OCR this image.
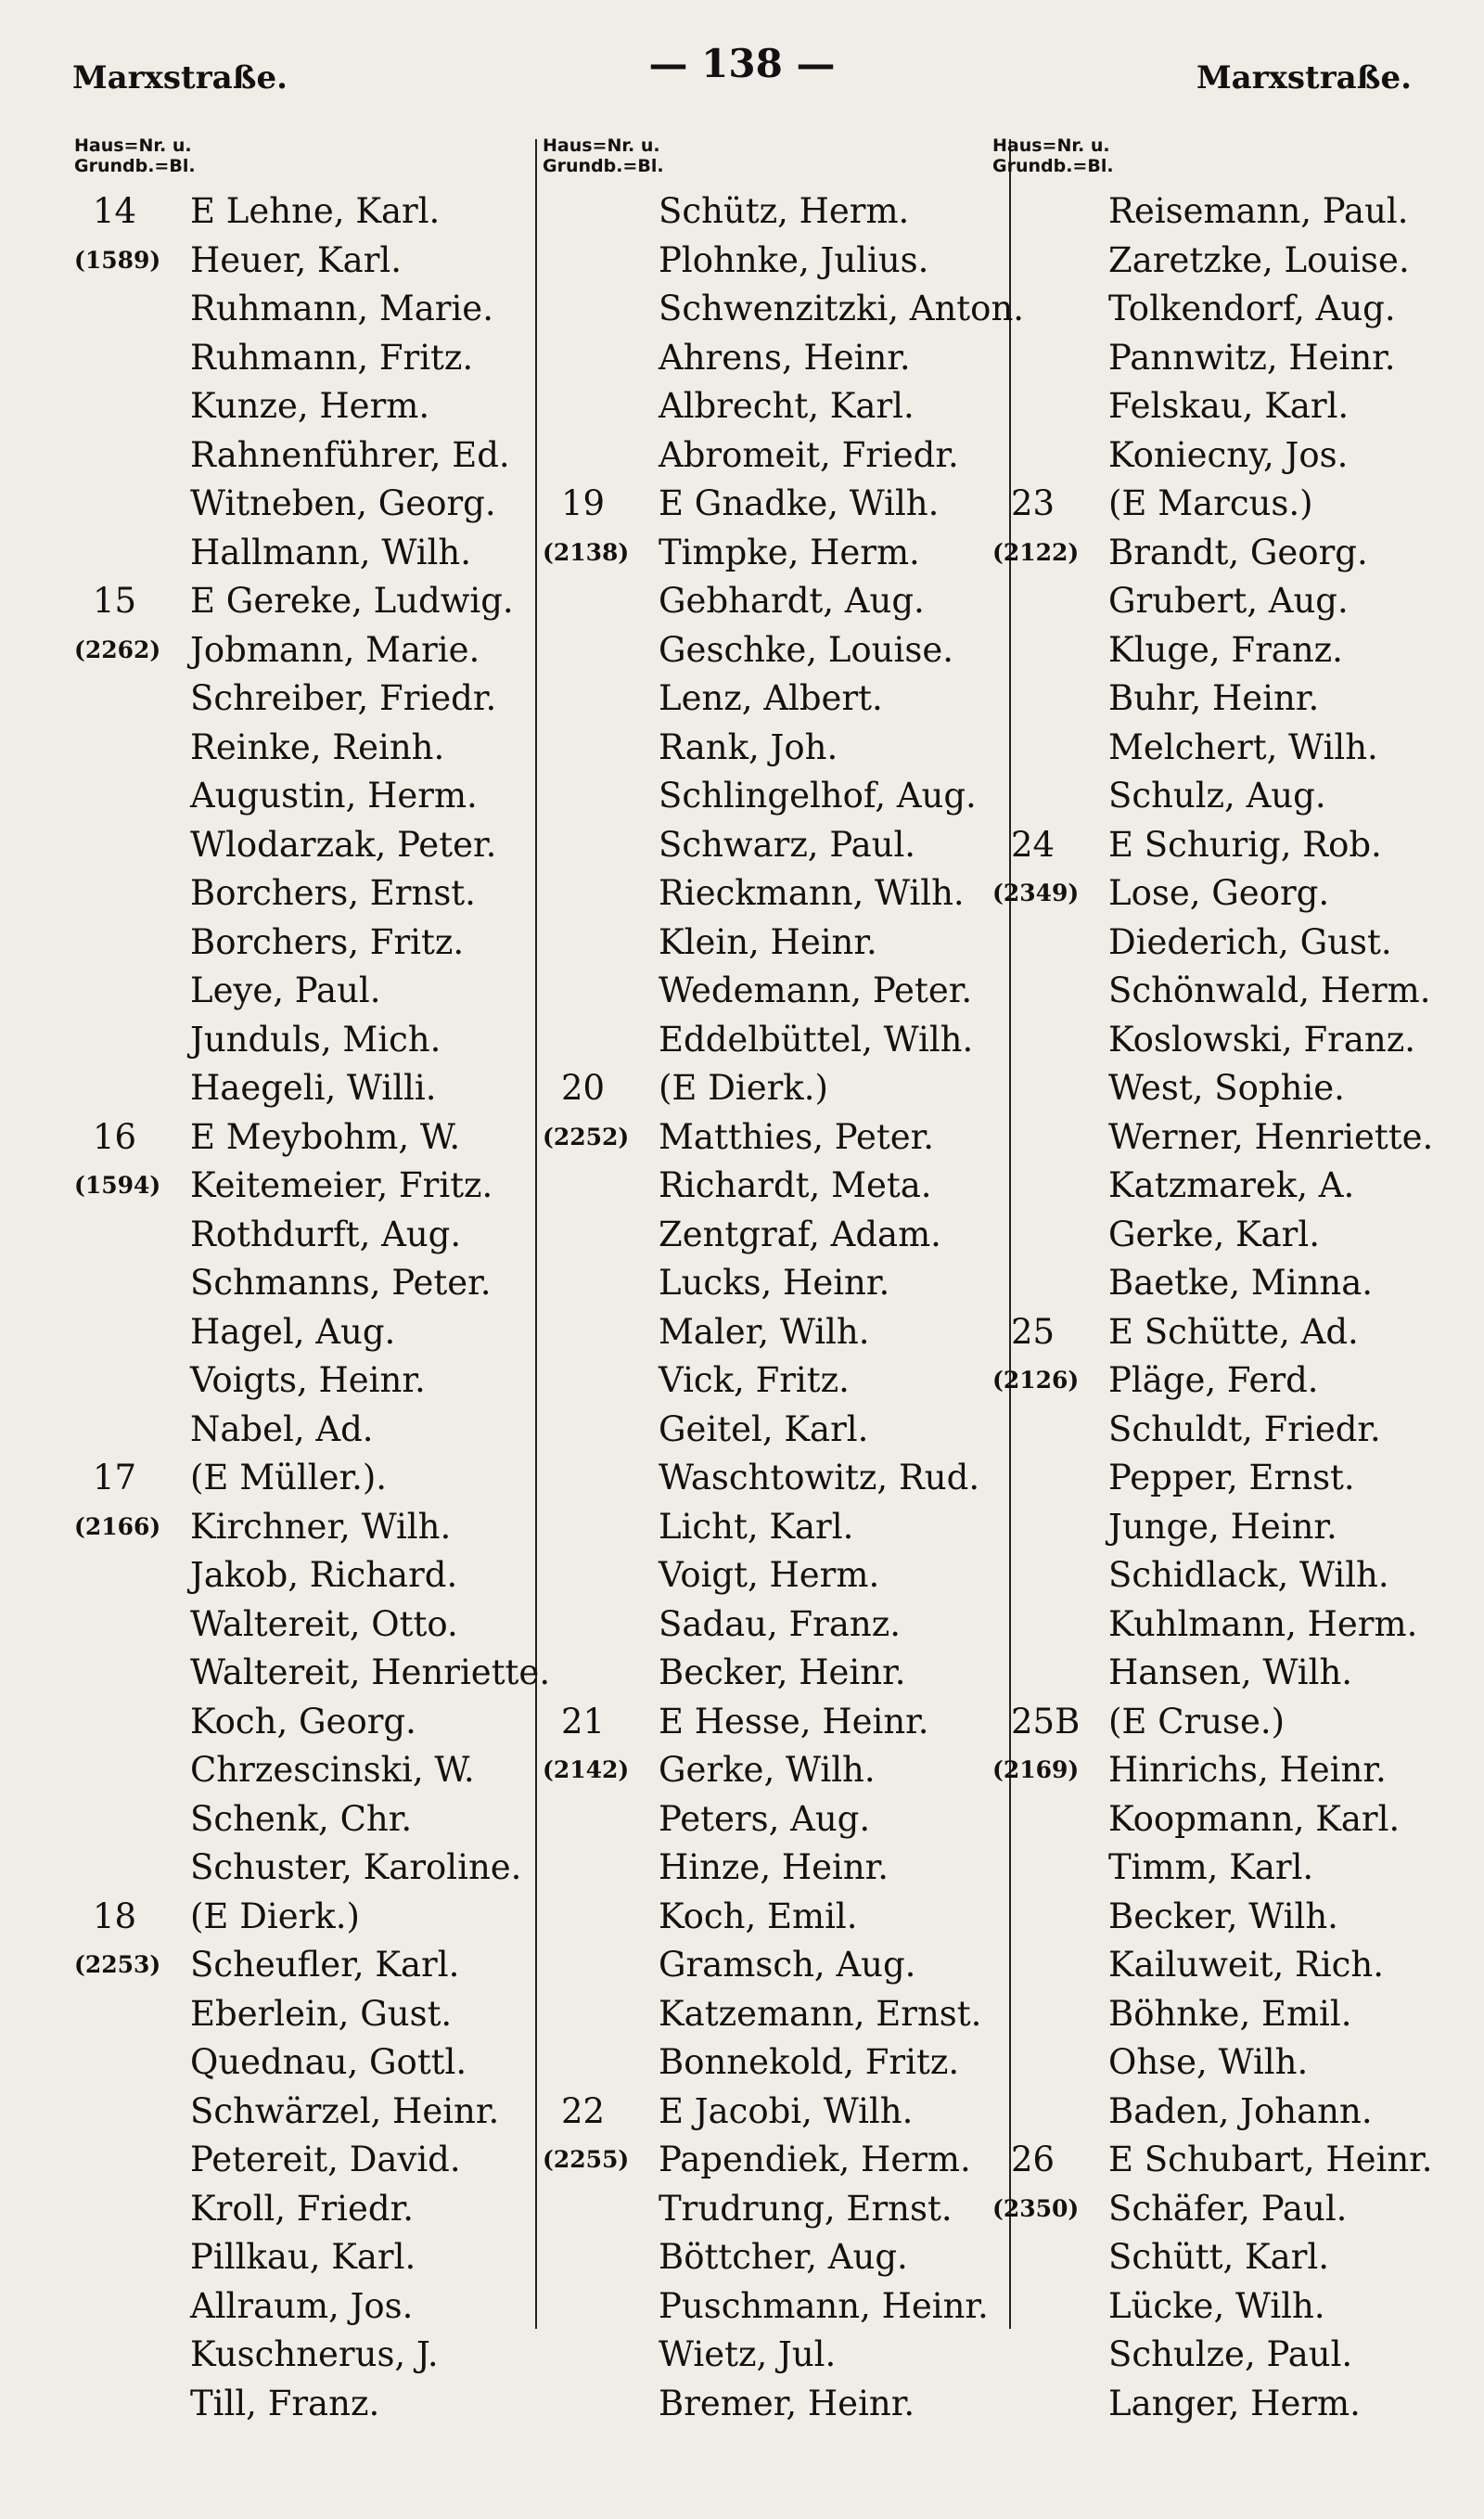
Marxstraße.	— 138 —	Marxstraße.
Haus=Nr. u.
Grundb.=Bl.
14 E Lehne, Karl.
(1589) Heuer, Karl.
Ruhmann, Marie.
Ruhmann, Fritz.
Kunze, Herm.
Rahnenführer, Ed.
Witneben, Georg.
Hallmann, Wilh.
15 E Gereke, Ludwig.
(2262) Jobmann, Marie.
Schreiber, Friedr.
Reinke, Reinh.
Augustin, Herm.
Wlodarzak, Peter.
Borchers, Ernst.
Borchers, Fritz.
Leye, Paul.
Junduls, Mich.
Haegeli, Willi.
16 E Meybohm, W.
(1594) Keitemeier, Fritz.
Rothdurft, Aug.
Schmanns, Peter.
Hagel, Aug.
Voigts, Heinr.
Nabel, Ad.
17 (E Müller.).
(2166) Kirchner, Wilh.
Jakob, Richard.
Waltereit, Otto.
Waltereit, Henriette.
Koch, Georg.
Chrzescinski, W.
Schenk, Chr.
Schuster, Karoline.
18 (E Dierk.)
(2253) Scheufler, Karl.
Eberlein, Gust.
Quednau, Gottl.
Schwärzel, Heinr.
Petereit, David.
Kroll, Friedr.
Pillkau, Karl.
Allraum, Jos.
Kuschnerus, J.
Till, Franz.
Haus=Nr. u.
Grundb.=Bl.
Schütz, Herm.
Plohnke, Julius.
Schwenzitzki, Anton.
Ahrens, Heinr.
Albrecht, Karl.
Abromeit, Friedr.
19 E Gnadke, Wilh.
(2138) Timpke, Herm.
Gebhardt, Aug.
Geschke, Louise.
Lenz, Albert.
Rank, Joh.
Schlingelhof, Aug.
Schwarz, Paul.
Rieckmann, Wilh.
Klein, Heinr.
Wedemann, Peter.
Eddelbüttel, Wilh.
20 (E Dierk.)
(2252) Matthies, Peter.
Richardt, Meta.
Zentgraf, Adam.
Lucks, Heinr.
Maler, Wilh.
Vick, Fritz.
Geitel, Karl.
Waschtowitz, Rud.
Licht, Karl.
Voigt, Herm.
Sadau, Franz.
Becker, Heinr.
21 E Hesse, Heinr.
(2142) Gerke, Wilh.
Peters, Aug.
Hinze, Heinr.
Koch, Emil.
Gramsch, Aug.
Katzemann, Ernst.
Bonnekold, Fritz.
22 E Jacobi, Wilh.
(2255) Papendiek, Herm.
Trudrung, Ernst.
Böttcher, Aug.
Puschmann, Heinr.
Wietz, Jul.
Bremer, Heinr.
Haus=Nr. u.
Grundb.=Bl.
Reisemann, Paul.
Zaretzke, Louise.
Tolkendorf, Aug.
Pannwitz, Heinr.
Felskau, Karl.
Koniecny, Jos.
23 (E Marcus.)
(2122) Brandt, Georg.
Grubert, Aug.
Kluge, Franz.
Buhr, Heinr.
Melchert, Wilh.
Schulz, Aug.
24 E Schurig, Rob.
(2349) Lose, Georg.
Diederich, Gust.
Schönwald, Herm.
Koslowski, Franz.
West, Sophie.
Werner, Henriette.
Katzmarek, A.
Gerke, Karl.
Baetke, Minna.
25 E Schütte, Ad.
(2126) Pläge, Ferd.
Schuldt, Friedr.
Pepper, Ernst.
Junge, Heinr.
Schidlack, Wilh.
Kuhlmann, Herm.
Hansen, Wilh.
25B (E Cruse.)
(2169) Hinrichs, Heinr.
Koopmann, Karl.
Timm, Karl.
Becker, Wilh.
Kailuweit, Rich.
Böhnke, Emil.
Ohse, Wilh.
Baden, Johann.
26 E Schubart, Heinr.
(2350) Schäfer, Paul.
Schütt, Karl.
Lücke, Wilh.
Schulze, Paul.
Langer, Herm.
